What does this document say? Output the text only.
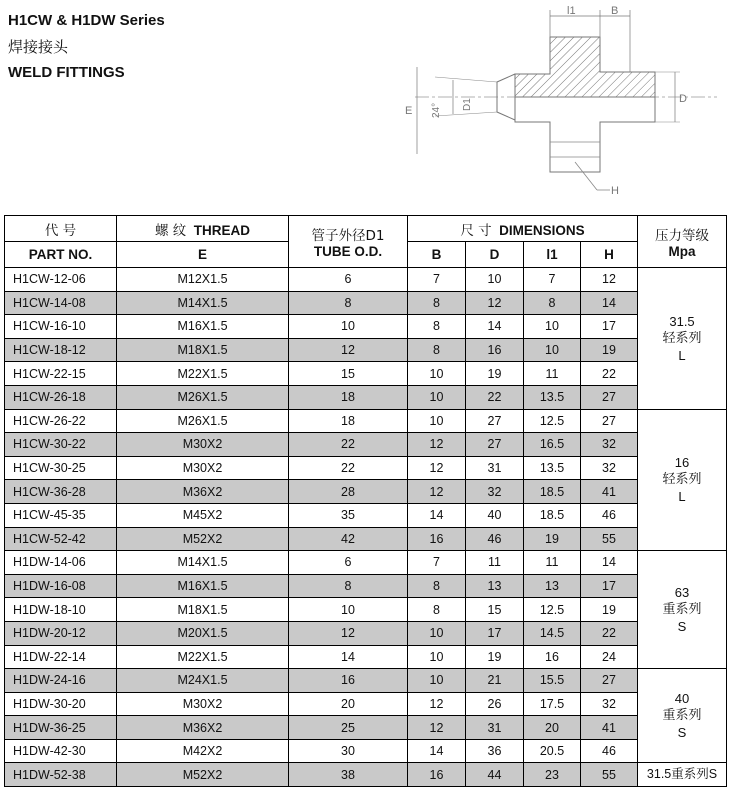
H1CW & H1DW Series
焊接接头
WELD FITTINGS
l1	B
E 24° D1	D
H
代 号	螺 纹 THREAD	管子外径D1
TUBE O.D.	尺 寸 DIMENSIONS				压力等级
Mpa
PART NO.	E		B	D	l1	H	
H1CW-12-06	M12X1.5	6	7	10	7	12	31.5
轻系列
L

H1CW-14-08	M14X1.5	8	8	12	8	14	
H1CW-16-10	M16X1.5	10	8	14	10	17	
H1CW-18-12	M18X1.5	12	8	16	10	19	
H1CW-22-15	M22X1.5	15	10	19	11	22	
H1CW-26-18	M26X1.5	18	10	22	13.5	27	
H1CW-26-22	M26X1.5	18	10	27	12.5	27	16
轻系列
L

H1CW-30-22	M30X2	22	12	27	16.5	32	
H1CW-30-25	M30X2	22	12	31	13.5	32	
H1CW-36-28	M36X2	28	12	32	18.5	41	
H1CW-45-35	M45X2	35	14	40	18.5	46	
H1CW-52-42	M52X2	42	16	46	19	55	
H1DW-14-06	M14X1.5	6	7	11	11	14	63
重系列
S

H1DW-16-08	M16X1.5	8	8	13	13	17	
H1DW-18-10	M18X1.5	10	8	15	12.5	19	
H1DW-20-12	M20X1.5	12	10	17	14.5	22	
H1DW-22-14	M22X1.5	14	10	19	16	24	
H1DW-24-16	M24X1.5	16	10	21	15.5	27	40
重系列
S

H1DW-30-20	M30X2	20	12	26	17.5	32	
H1DW-36-25	M36X2	25	12	31	20	41	
H1DW-42-30	M42X2	30	14	36	20.5	46	
H1DW-52-38	M52X2	38	16	44	23	55	31.5重系列S
